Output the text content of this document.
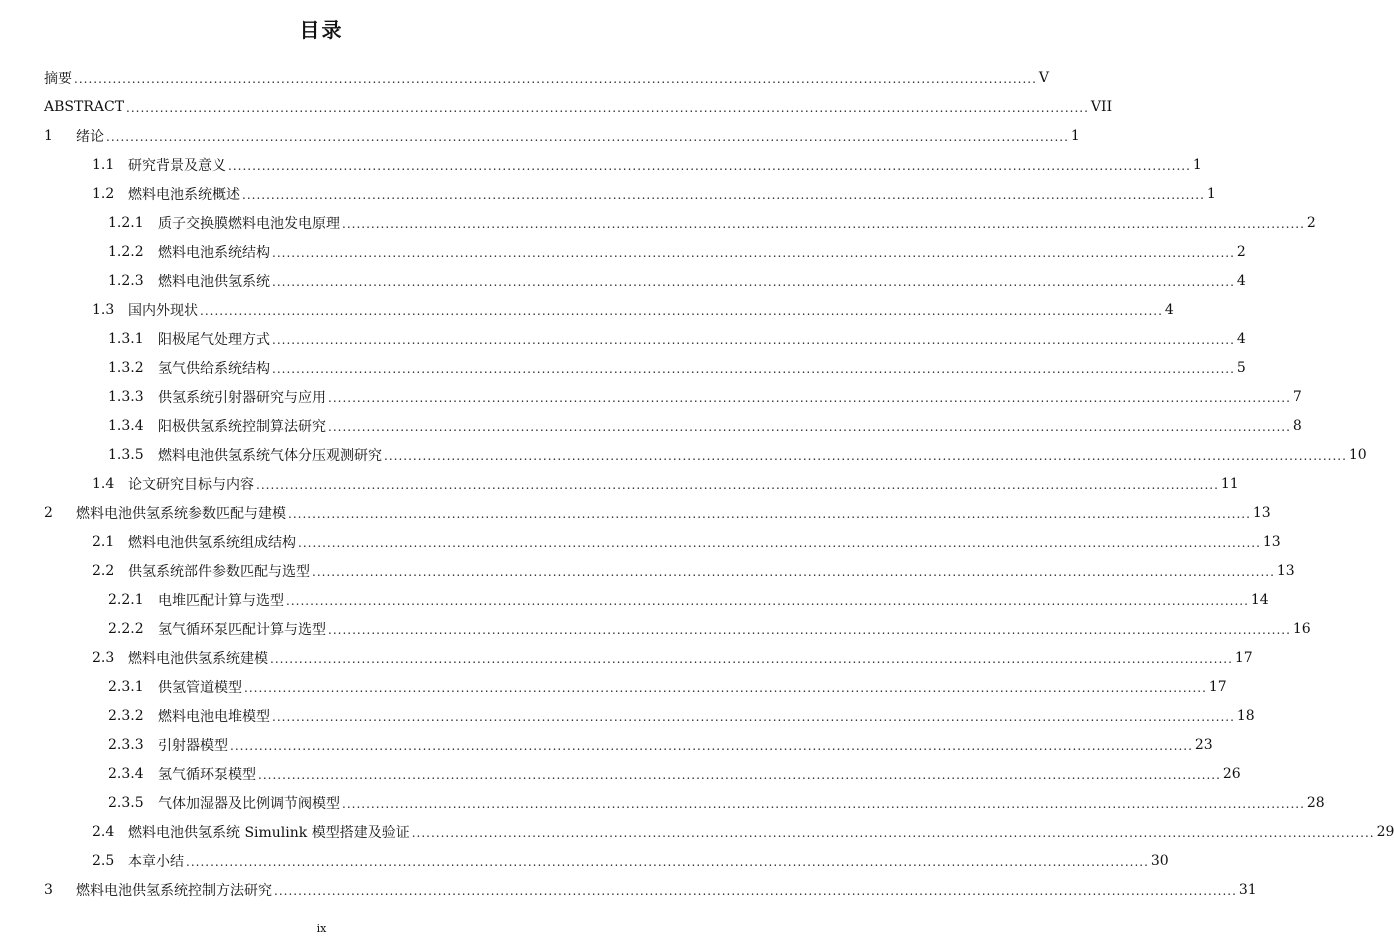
目录
摘要 ........................................................................................................................................................................................................ V
ABSTRACT ........................................................................................................................................................................................................ VII
1	绪论 ........................................................................................................................................................................................................ 1
1.1 研究背景及意义 ........................................................................................................................................................................................................ 1
1.2 燃料电池系统概述 ........................................................................................................................................................................................................ 1
1.2.1	质子交换膜燃料电池发电原理 ........................................................................................................................................................................................................ 2
1.2.2	燃料电池系统结构 ........................................................................................................................................................................................................ 2
1.2.3	燃料电池供氢系统 ........................................................................................................................................................................................................ 4
1.3 国内外现状 ........................................................................................................................................................................................................ 4
1.3.1	阳极尾气处理方式 ........................................................................................................................................................................................................ 4
1.3.2	氢气供给系统结构 ........................................................................................................................................................................................................ 5
1.3.3	供氢系统引射器研究与应用 ........................................................................................................................................................................................................ 7
1.3.4	阳极供氢系统控制算法研究 ........................................................................................................................................................................................................ 8
1.3.5	燃料电池供氢系统气体分压观测研究 ........................................................................................................................................................................................................ 10
1.4 论文研究目标与内容 ........................................................................................................................................................................................................ 11
2	燃料电池供氢系统参数匹配与建模 ........................................................................................................................................................................................................ 13
2.1 燃料电池供氢系统组成结构 ........................................................................................................................................................................................................ 13
2.2 供氢系统部件参数匹配与选型 ........................................................................................................................................................................................................ 13
2.2.1	电堆匹配计算与选型 ........................................................................................................................................................................................................ 14
2.2.2	氢气循环泵匹配计算与选型 ........................................................................................................................................................................................................ 16
2.3 燃料电池供氢系统建模 ........................................................................................................................................................................................................ 17
2.3.1	供氢管道模型 ........................................................................................................................................................................................................ 17
2.3.2	燃料电池电堆模型 ........................................................................................................................................................................................................ 18
2.3.3	引射器模型 ........................................................................................................................................................................................................ 23
2.3.4	氢气循环泵模型 ........................................................................................................................................................................................................ 26
2.3.5	气体加湿器及比例调节阀模型 ........................................................................................................................................................................................................ 28
2.4 燃料电池供氢系统 Simulink 模型搭建及验证 ........................................................................................................................................................................................................ 29
2.5 本章小结 ........................................................................................................................................................................................................ 30
3	燃料电池供氢系统控制方法研究 ........................................................................................................................................................................................................ 31
ix
